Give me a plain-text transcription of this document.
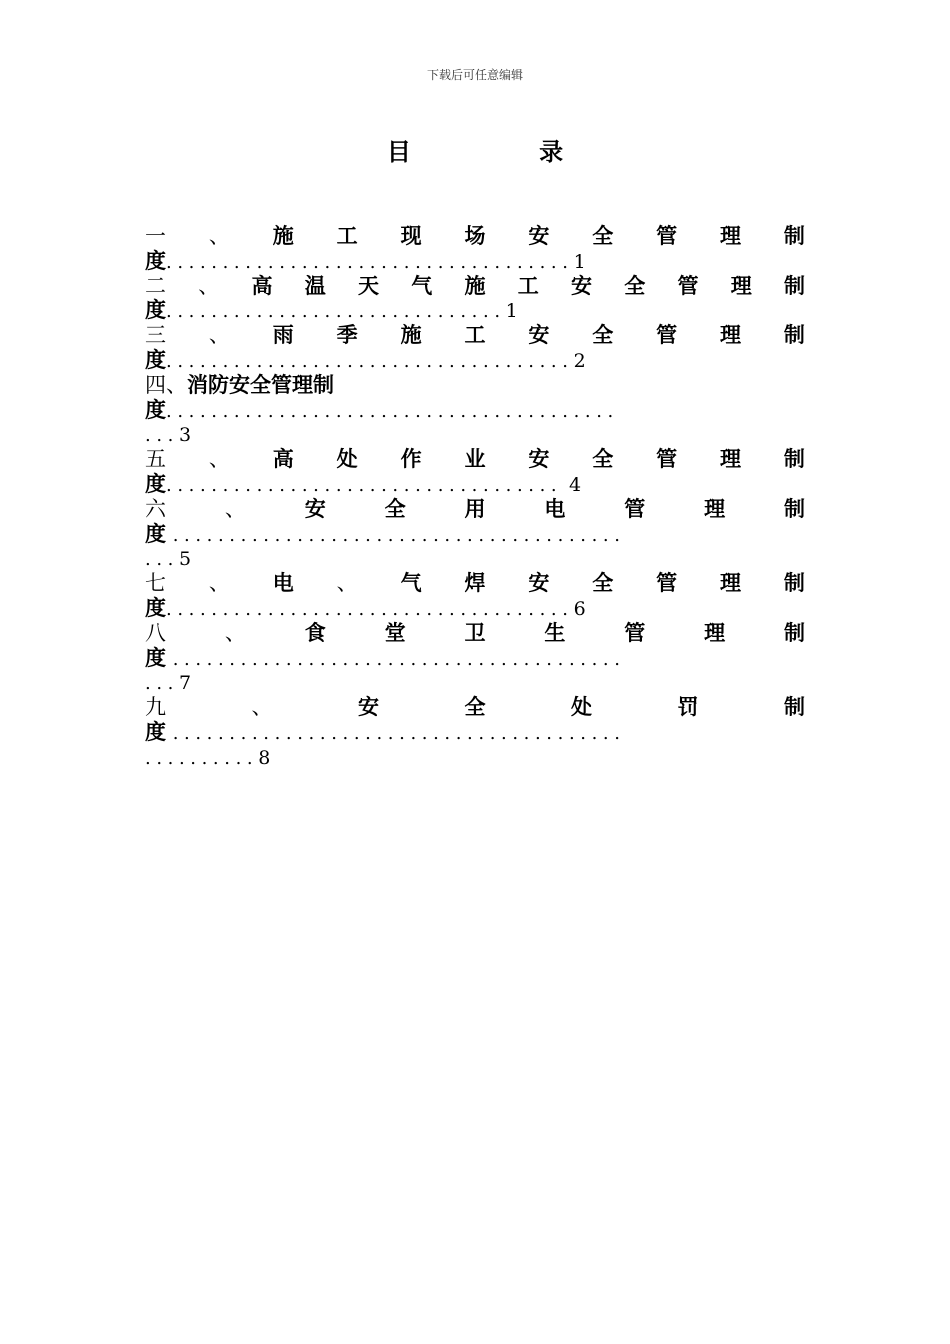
下载后可任意编辑
目 录
一 、 施 工 现 场 安 全 管 理 制
度....................................1
二 、 高 温 天 气 施 工 安 全 管 理 制
度..............................1
三 、 雨 季 施 工 安 全 管 理 制
度....................................2
四、消防安全管理制
度........................................
...3
五 、 高 处 作 业 安 全 管 理 制
度................................... 4
六	、	安	全	用	电	管	理	制
度 ........................................
...5
七 、 电 、 气 焊 安 全 管 理 制
度....................................6
八	、	食	堂	卫	生	管	理	制
度 ........................................
...7
九	、	安	全	处	罚	制
度 ........................................
..........8
